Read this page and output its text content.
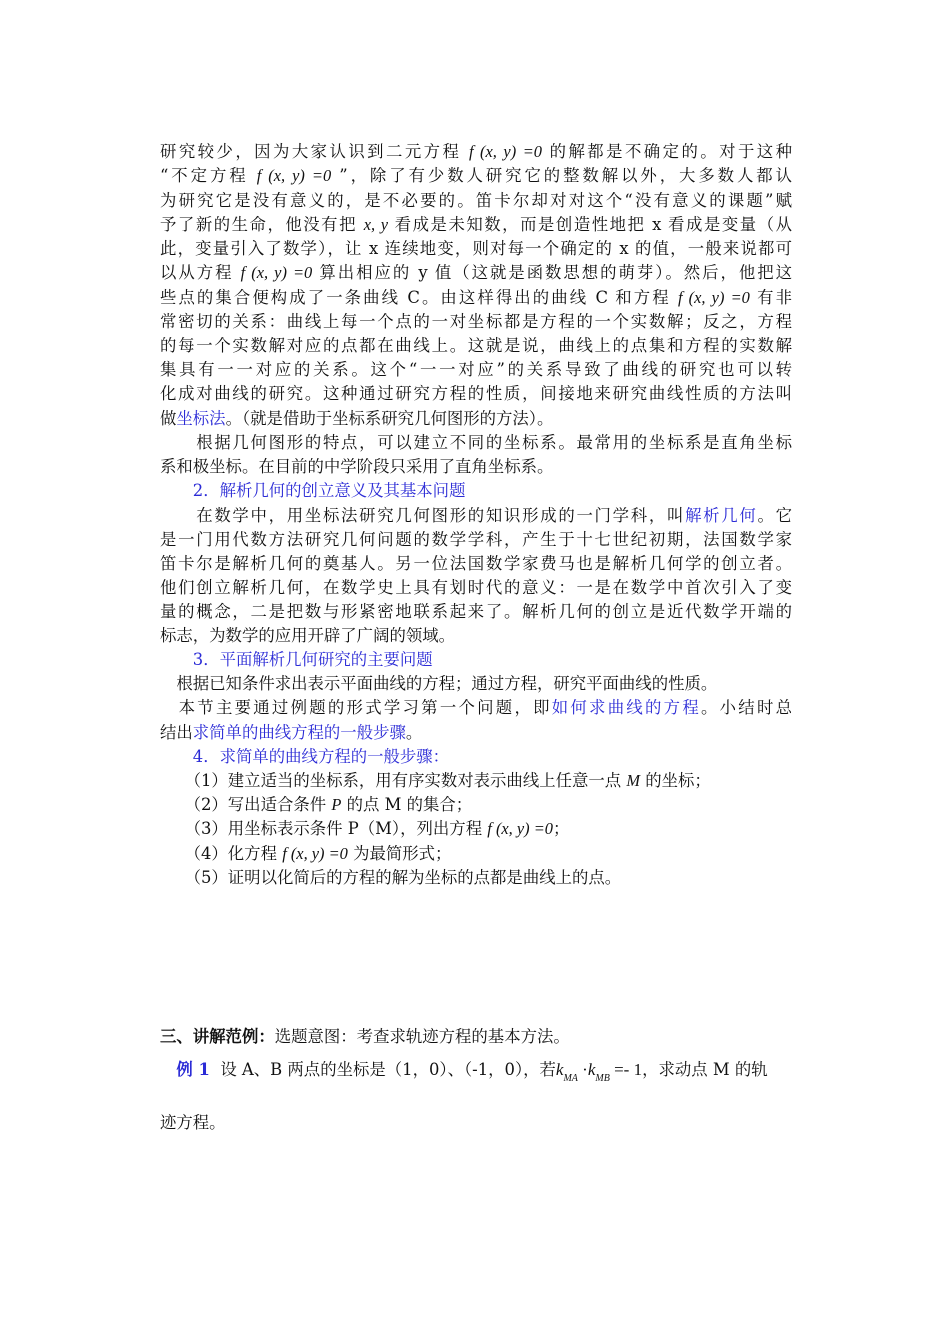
研究较少，因为大家认识到二元方程 f (x, y) =0 的解都是不确定的。对于这种
“不定方程 f (x, y) =0 ”，除了有少数人研究它的整数解以外，大多数人都认
为研究它是没有意义的，是不必要的。笛卡尔却对对这个“没有意义的课题”赋
予了新的生命，他没有把 x, y 看成是未知数，而是创造性地把 x 看成是变量（从
此，变量引入了数学），让 x 连续地变，则对每一个确定的 x 的值，一般来说都可
以从方程 f (x, y) =0 算出相应的 y 值（这就是函数思想的萌芽）。然后，他把这
些点的集合便构成了一条曲线 C。由这样得出的曲线 C 和方程 f (x, y) =0 有非
常密切的关系：曲线上每一个点的一对坐标都是方程的一个实数解；反之，方程
的每一个实数解对应的点都在曲线上。这就是说，曲线上的点集和方程的实数解
集具有一一对应的关系。这个“一一对应”的关系导致了曲线的研究也可以转
化成对曲线的研究。这种通过研究方程的性质，间接地来研究曲线性质的方法叫
做坐标法。（就是借助于坐标系研究几何图形的方法）。
　　根据几何图形的特点，可以建立不同的坐标系。最常用的坐标系是直角坐标
系和极坐标。在目前的中学阶段只采用了直角坐标系。
　　2．解析几何的创立意义及其基本问题
　　在数学中，用坐标法研究几何图形的知识形成的一门学科，叫解析几何。它
是一门用代数方法研究几何问题的数学学科，产生于十七世纪初期，法国数学家
笛卡尔是解析几何的奠基人。另一位法国数学家费马也是解析几何学的创立者。
他们创立解析几何，在数学史上具有划时代的意义：一是在数学中首次引入了变
量的概念，二是把数与形紧密地联系起来了。解析几何的创立是近代数学开端的
标志，为数学的应用开辟了广阔的领域。
　　3．平面解析几何研究的主要问题
　根据已知条件求出表示平面曲线的方程；通过方程，研究平面曲线的性质。
　本节主要通过例题的形式学习第一个问题，即如何求曲线的方程。小结时总
结出求简单的曲线方程的一般步骤。
　　4．求简单的曲线方程的一般步骤：
　　（1）建立适当的坐标系，用有序实数对表示曲线上任意一点 M 的坐标；
　　（2）写出适合条件 P 的点 M 的集合；
　　（3）用坐标表示条件 P（M），列出方程 f (x, y) =0；
　　（4）化方程 f (x, y) =0 为最简形式；
　　（5）证明以化简后的方程的解为坐标的点都是曲线上的点。
三、讲解范例：选题意图：考查求轨迹方程的基本方法。
　例 1 设 A、B 两点的坐标是（1，0）、（-1，0），若$k_{MA} \cdot k_{MB} =- 1$，求动点 M 的轨
迹方程。
